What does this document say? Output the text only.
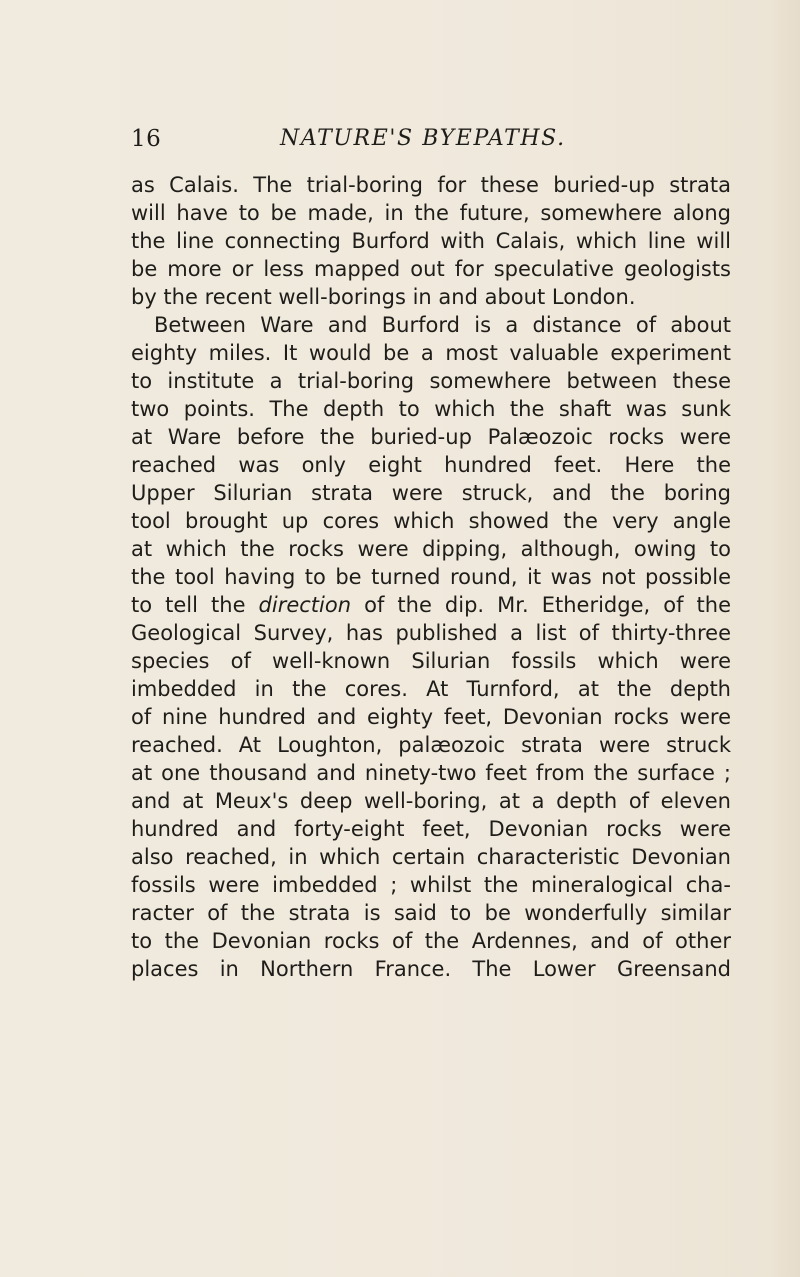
16	NATURE'S BYEPATHS.
as Calais. The trial-boring for these buried-up strata
will have to be made, in the future, somewhere along
the line connecting Burford with Calais, which line will
be more or less mapped out for speculative geologists
by the recent well-borings in and about London.
Between Ware and Burford is a distance of about
eighty miles. It would be a most valuable experiment
to institute a trial-boring somewhere between these
two points. The depth to which the shaft was sunk
at Ware before the buried-up Palæozoic rocks were
reached was only eight hundred feet. Here the
Upper Silurian strata were struck, and the boring
tool brought up cores which showed the very angle
at which the rocks were dipping, although, owing to
the tool having to be turned round, it was not possible
to tell the direction of the dip. Mr. Etheridge, of the
Geological Survey, has published a list of thirty-three
species of well-known Silurian fossils which were
imbedded in the cores. At Turnford, at the depth
of nine hundred and eighty feet, Devonian rocks were
reached. At Loughton, palæozoic strata were struck
at one thousand and ninety-two feet from the surface ;
and at Meux's deep well-boring, at a depth of eleven
hundred and forty-eight feet, Devonian rocks were
also reached, in which certain characteristic Devonian
fossils were imbedded ; whilst the mineralogical cha-
racter of the strata is said to be wonderfully similar
to the Devonian rocks of the Ardennes, and of other
places in Northern France. The Lower Greensand
